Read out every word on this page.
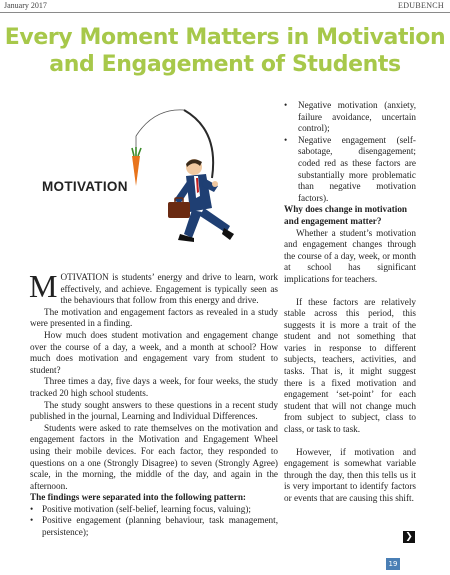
January 2017	EDUBENCH
Every Moment Matters in Motivation
and Engagement of Students
MOTIVATION

MOTIVATION is students’ energy and drive to learn, work effectively, and achieve. Engagement is typically seen as the behaviours that follow from this energy and drive.

The motivation and engagement factors as revealed in a study were presented in a finding.

How much does student motivation and engagement change over the course of a day, a week, and a month at school? How much does motivation and engagement vary from student to student?

Three times a day, five days a week, for four weeks, the study tracked 20 high school students.

The study sought answers to these questions in a recent study published in the journal, Learning and Individual Differences.

Students were asked to rate themselves on the motivation and engagement factors in the Motivation and Engagement Wheel using their mobile devices. For each factor, they responded to questions on a one (Strongly Disagree) to seven (Strongly Agree) scale, in the morning, the middle of the day, and again in the afternoon.

The findings were separated into the following pattern:

• Positive motivation (self-belief, learning focus, valuing);
• Positive engagement (planning behaviour, task management, persistence);
• Negative motivation (anxiety, failure avoidance, uncertain control);
• Negative engagement (self-sabotage, disengagement; coded red as these factors are substantially more problematic than negative motivation factors).

Why does change in motivation and engagement matter?

Whether a student’s motivation and engagement changes through the course of a day, week, or month at school has significant implications for teachers.

If these factors are relatively stable across this period, this suggests it is more a trait of the student and not something that varies in response to different subjects, teachers, activities, and tasks. That is, it might suggest there is a fixed motivation and engagement ‘set-point’ for each student that will not change much from subject to subject, class to class, or task to task.

However, if motivation and engagement is somewhat variable through the day, then this tells us it is very important to identify factors or events that are causing this shift.

❯
19
